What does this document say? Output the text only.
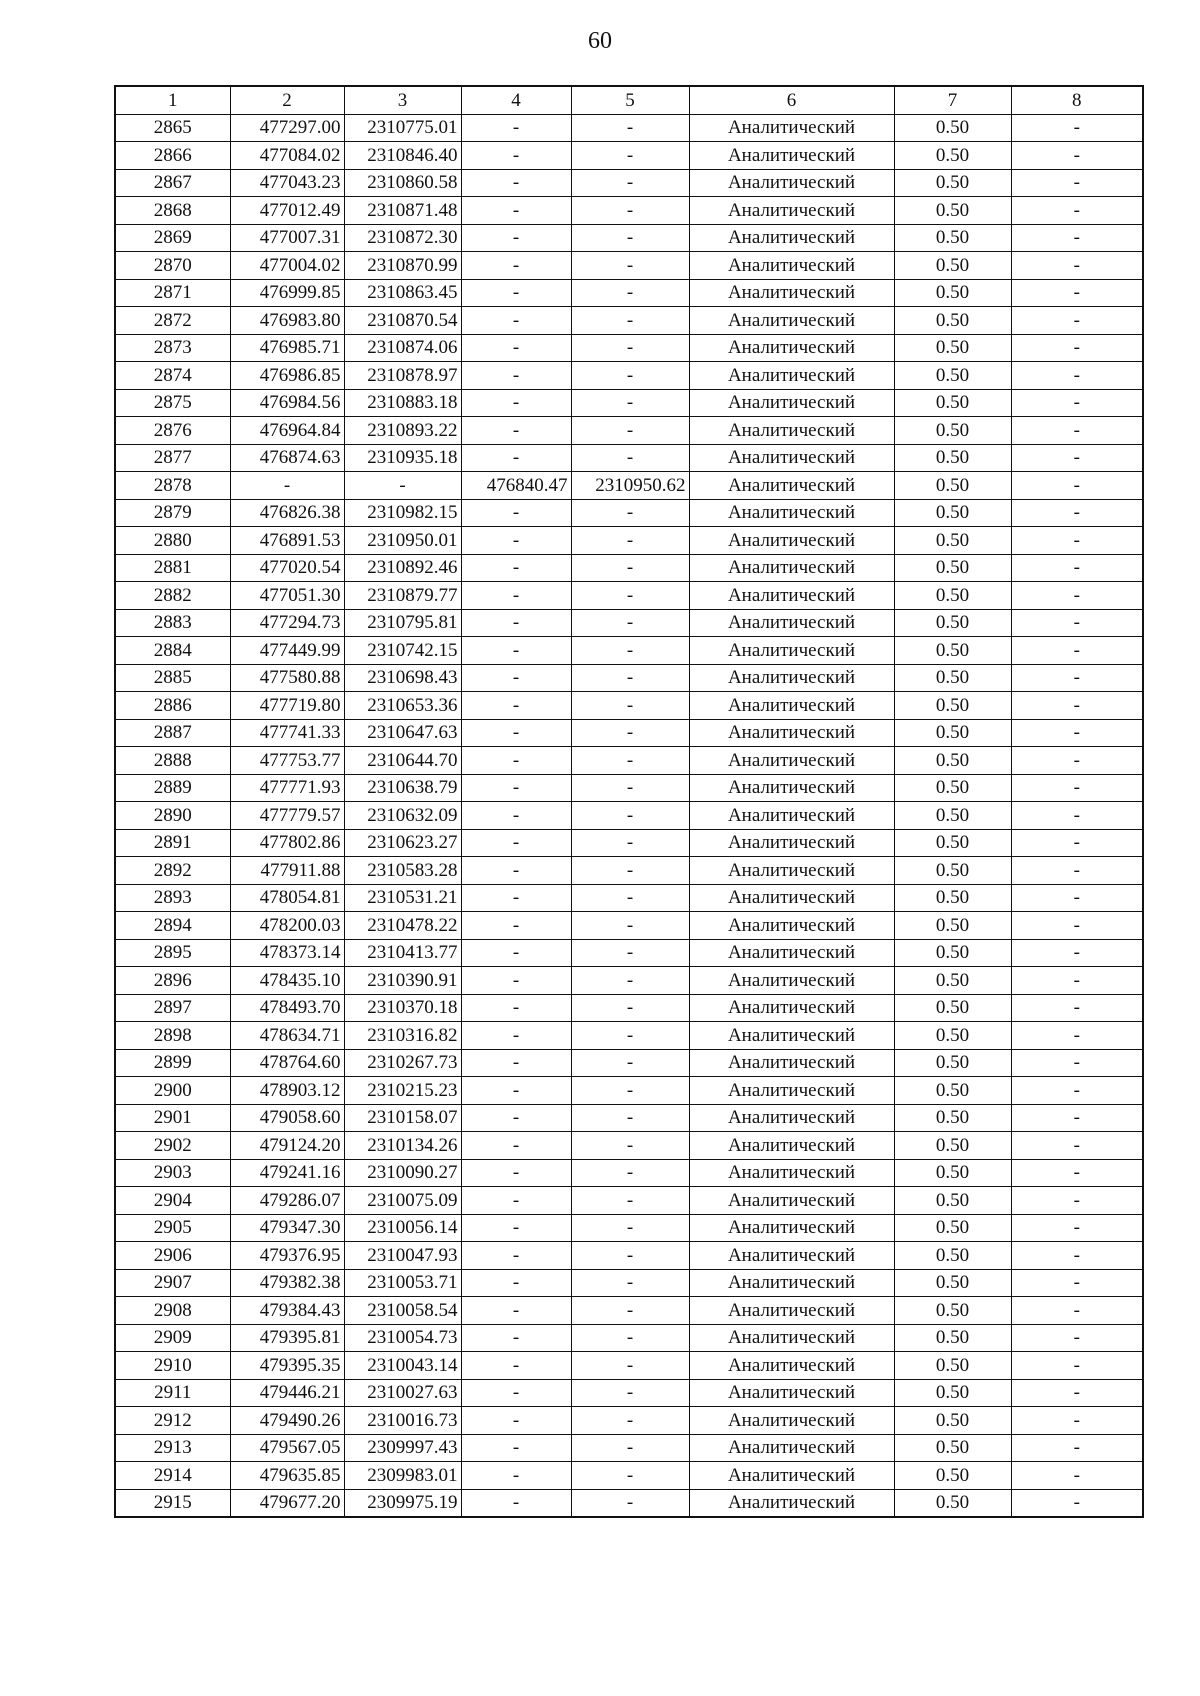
60
1	2	3	4	5	6	7	8
2865	477297.00	2310775.01	-	-	Аналитический	0.50	-
2866	477084.02	2310846.40	-	-	Аналитический	0.50	-
2867	477043.23	2310860.58	-	-	Аналитический	0.50	-
2868	477012.49	2310871.48	-	-	Аналитический	0.50	-
2869	477007.31	2310872.30	-	-	Аналитический	0.50	-
2870	477004.02	2310870.99	-	-	Аналитический	0.50	-
2871	476999.85	2310863.45	-	-	Аналитический	0.50	-
2872	476983.80	2310870.54	-	-	Аналитический	0.50	-
2873	476985.71	2310874.06	-	-	Аналитический	0.50	-
2874	476986.85	2310878.97	-	-	Аналитический	0.50	-
2875	476984.56	2310883.18	-	-	Аналитический	0.50	-
2876	476964.84	2310893.22	-	-	Аналитический	0.50	-
2877	476874.63	2310935.18	-	-	Аналитический	0.50	-
2878	-	-	476840.47	2310950.62	Аналитический	0.50	-
2879	476826.38	2310982.15	-	-	Аналитический	0.50	-
2880	476891.53	2310950.01	-	-	Аналитический	0.50	-
2881	477020.54	2310892.46	-	-	Аналитический	0.50	-
2882	477051.30	2310879.77	-	-	Аналитический	0.50	-
2883	477294.73	2310795.81	-	-	Аналитический	0.50	-
2884	477449.99	2310742.15	-	-	Аналитический	0.50	-
2885	477580.88	2310698.43	-	-	Аналитический	0.50	-
2886	477719.80	2310653.36	-	-	Аналитический	0.50	-
2887	477741.33	2310647.63	-	-	Аналитический	0.50	-
2888	477753.77	2310644.70	-	-	Аналитический	0.50	-
2889	477771.93	2310638.79	-	-	Аналитический	0.50	-
2890	477779.57	2310632.09	-	-	Аналитический	0.50	-
2891	477802.86	2310623.27	-	-	Аналитический	0.50	-
2892	477911.88	2310583.28	-	-	Аналитический	0.50	-
2893	478054.81	2310531.21	-	-	Аналитический	0.50	-
2894	478200.03	2310478.22	-	-	Аналитический	0.50	-
2895	478373.14	2310413.77	-	-	Аналитический	0.50	-
2896	478435.10	2310390.91	-	-	Аналитический	0.50	-
2897	478493.70	2310370.18	-	-	Аналитический	0.50	-
2898	478634.71	2310316.82	-	-	Аналитический	0.50	-
2899	478764.60	2310267.73	-	-	Аналитический	0.50	-
2900	478903.12	2310215.23	-	-	Аналитический	0.50	-
2901	479058.60	2310158.07	-	-	Аналитический	0.50	-
2902	479124.20	2310134.26	-	-	Аналитический	0.50	-
2903	479241.16	2310090.27	-	-	Аналитический	0.50	-
2904	479286.07	2310075.09	-	-	Аналитический	0.50	-
2905	479347.30	2310056.14	-	-	Аналитический	0.50	-
2906	479376.95	2310047.93	-	-	Аналитический	0.50	-
2907	479382.38	2310053.71	-	-	Аналитический	0.50	-
2908	479384.43	2310058.54	-	-	Аналитический	0.50	-
2909	479395.81	2310054.73	-	-	Аналитический	0.50	-
2910	479395.35	2310043.14	-	-	Аналитический	0.50	-
2911	479446.21	2310027.63	-	-	Аналитический	0.50	-
2912	479490.26	2310016.73	-	-	Аналитический	0.50	-
2913	479567.05	2309997.43	-	-	Аналитический	0.50	-
2914	479635.85	2309983.01	-	-	Аналитический	0.50	-
2915	479677.20	2309975.19	-	-	Аналитический	0.50	-
